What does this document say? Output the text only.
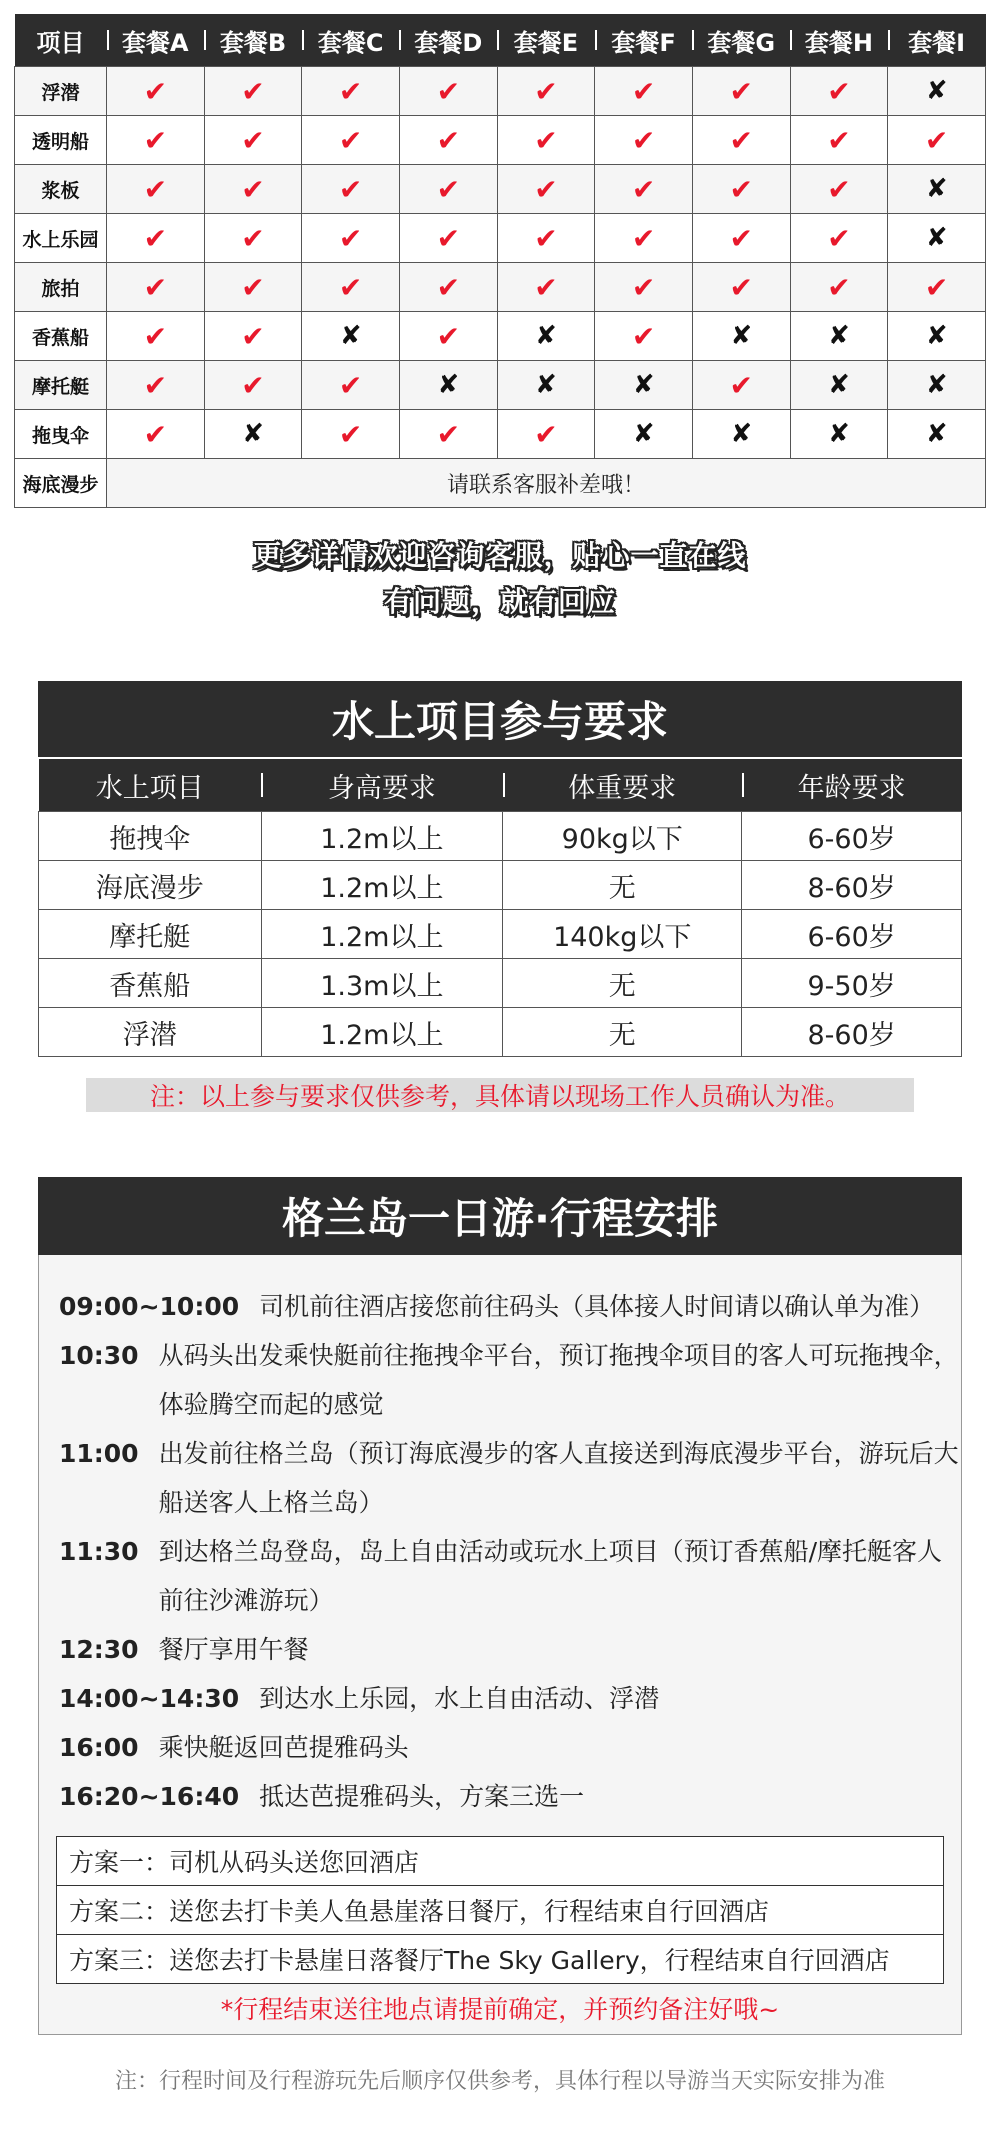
项目	套餐A	套餐B	套餐C	套餐D	套餐E	套餐F	套餐G	套餐H	套餐I
浮潜	✔	✔	✔	✔	✔	✔	✔	✔	✘
透明船	✔	✔	✔	✔	✔	✔	✔	✔	✔
浆板	✔	✔	✔	✔	✔	✔	✔	✔	✘
水上乐园	✔	✔	✔	✔	✔	✔	✔	✔	✘
旅拍	✔	✔	✔	✔	✔	✔	✔	✔	✔
香蕉船	✔	✔	✘	✔	✘	✔	✘	✘	✘
摩托艇	✔	✔	✔	✘	✘	✘	✔	✘	✘
拖曳伞	✔	✘	✔	✔	✔	✘	✘	✘	✘
海底漫步	请联系客服补差哦！								
更多详情欢迎咨询客服，贴心一直在线
有问题，就有回应
水上项目参与要求
水上项目	身高要求	体重要求	年龄要求
拖拽伞	1.2m以上	90kg以下	6-60岁
海底漫步	1.2m以上	无	8-60岁
摩托艇	1.2m以上	140kg以下	6-60岁
香蕉船	1.3m以上	无	9-50岁
浮潜	1.2m以上	无	8-60岁
注：以上参与要求仅供参考，具体请以现场工作人员确认为准。
格兰岛一日游·行程安排
09:00~10:00 司机前往酒店接您前往码头（具体接人时间请以确认单为准）
10:30 从码头出发乘快艇前往拖拽伞平台，预订拖拽伞项目的客人可玩拖拽伞，体验腾空而起的感觉
11:00 出发前往格兰岛（预订海底漫步的客人直接送到海底漫步平台，游玩后大船送客人上格兰岛）
11:30 到达格兰岛登岛，岛上自由活动或玩水上项目（预订香蕉船/摩托艇客人前往沙滩游玩）
12:30 餐厅享用午餐
14:00~14:30 到达水上乐园，水上自由活动、浮潜
16:00 乘快艇返回芭提雅码头
16:20~16:40 抵达芭提雅码头，方案三选一
方案一：司机从码头送您回酒店
方案二：送您去打卡美人鱼悬崖落日餐厅，行程结束自行回酒店
方案三：送您去打卡悬崖日落餐厅The Sky Gallery，行程结束自行回酒店
*行程结束送往地点请提前确定，并预约备注好哦~
注：行程时间及行程游玩先后顺序仅供参考，具体行程以导游当天实际安排为准
